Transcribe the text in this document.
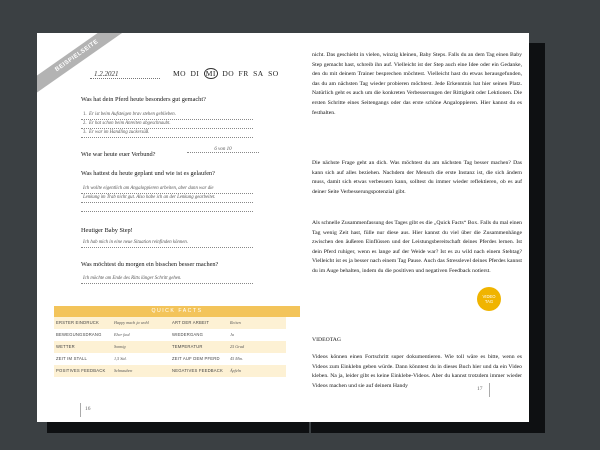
BEISPIELSEITE
1.2.2021	MO DI MI DO FR SA SO
Was hat dein Pferd heute besonders gut gemacht?
1. Er ist beim Aufsteigen brav stehen geblieben.
2. Er hat schon beim Anreiten abgeschnaubt.
3. Er war im Handling zuckersüß.
Wie war heute euer Verbund?
6 von 10
Was hattest du heute geplant und wie ist es gelaufen?
Ich wollte eigentlich am Angaloppieren arbeiten, aber dann war die
Lenkung im Trab nicht gut. Also habe ich an der Lenkung gearbeitet.
Heutiger Baby Step!
Ich hab mich in eine neue Situation reinfinden können.
Was möchtest du morgen ein bisschen besser machen?
Ich möchte am Ende des Ritts länger Schritt gehen.
QUICK FACTS
ERSTER EINDRUCK	Happy mach ja wohl	ART DER ARBEIT	Reiten
BEWEGUNGSDRANG	Eher faul	WIEDERGANG	Ja
WETTER	Sonnig	TEMPERATUR	25 Grad
ZEIT IM STALL	1,5 Std.	ZEIT AUF DEM PFERD	45 Min.
POSITIVES FEEDBACK	Schnauben	NEGATIVES FEEDBACK	Äpfeln
16
nicht. Das geschieht in vielen, winzig kleinen, Baby Steps. Falls du an dem Tag einen Baby Step gemacht hast, schreib ihn auf. Vielleicht ist der Step auch eine Idee oder ein Gedanke, den du mit deinem Trainer besprechen möchtest. Vielleicht hast du etwas herausgefunden, das du am nächsten Tag wieder probieren möchtest. Jede Erkenntnis hat hier seinen Platz. Natürlich geht es auch um die konkreten Verbesserungen der Rittigkeit oder Lektionen. Die ersten Schritte eines Seitengangs oder das erste schöne Angaloppieren. Hier kannst du es festhalten.
Die nächste Frage geht an dich. Was möchtest du am nächsten Tag besser machen? Das kann sich auf alles beziehen. Nachdem der Mensch die erste Instanz ist, die sich ändern muss, damit sich etwas verbessern kann, solltest du immer wieder reflektieren, ob es auf deiner Seite Verbesserungspotenzial gibt.
Als schnelle Zusammenfassung des Tages gibt es die „Quick Facts“ Box. Falls du mal einen Tag wenig Zeit hast, fülle nur diese aus. Hier kannst du viel über die Zusammenhänge zwischen den äußeren Einflüssen und der Leistungsbereitschaft deines Pferdes lernen. Ist dein Pferd ruhiger, wenn es lange auf der Weide war? Ist es zu wild nach einem Stehtag? Vielleicht ist es ja besser nach einem Tag Pause. Auch das Stresslevel deines Pferdes kannst du im Auge behalten, indem du die positiven und negativen Feedback notierst.
VIDEOTAG
Videos können einen Fortschritt super dokumentieren. Wie toll wäre es bitte, wenn es Videos zum Einklebn geben würde. Dann könntest du in dieses Buch hier und da ein Video kleben. Na ja, leider gibt es keine Einklebe-Videos. Aber du kannst trotzdem immer wieder Videos machen und sie auf deinem Handy
VIDEO
TAG
17
